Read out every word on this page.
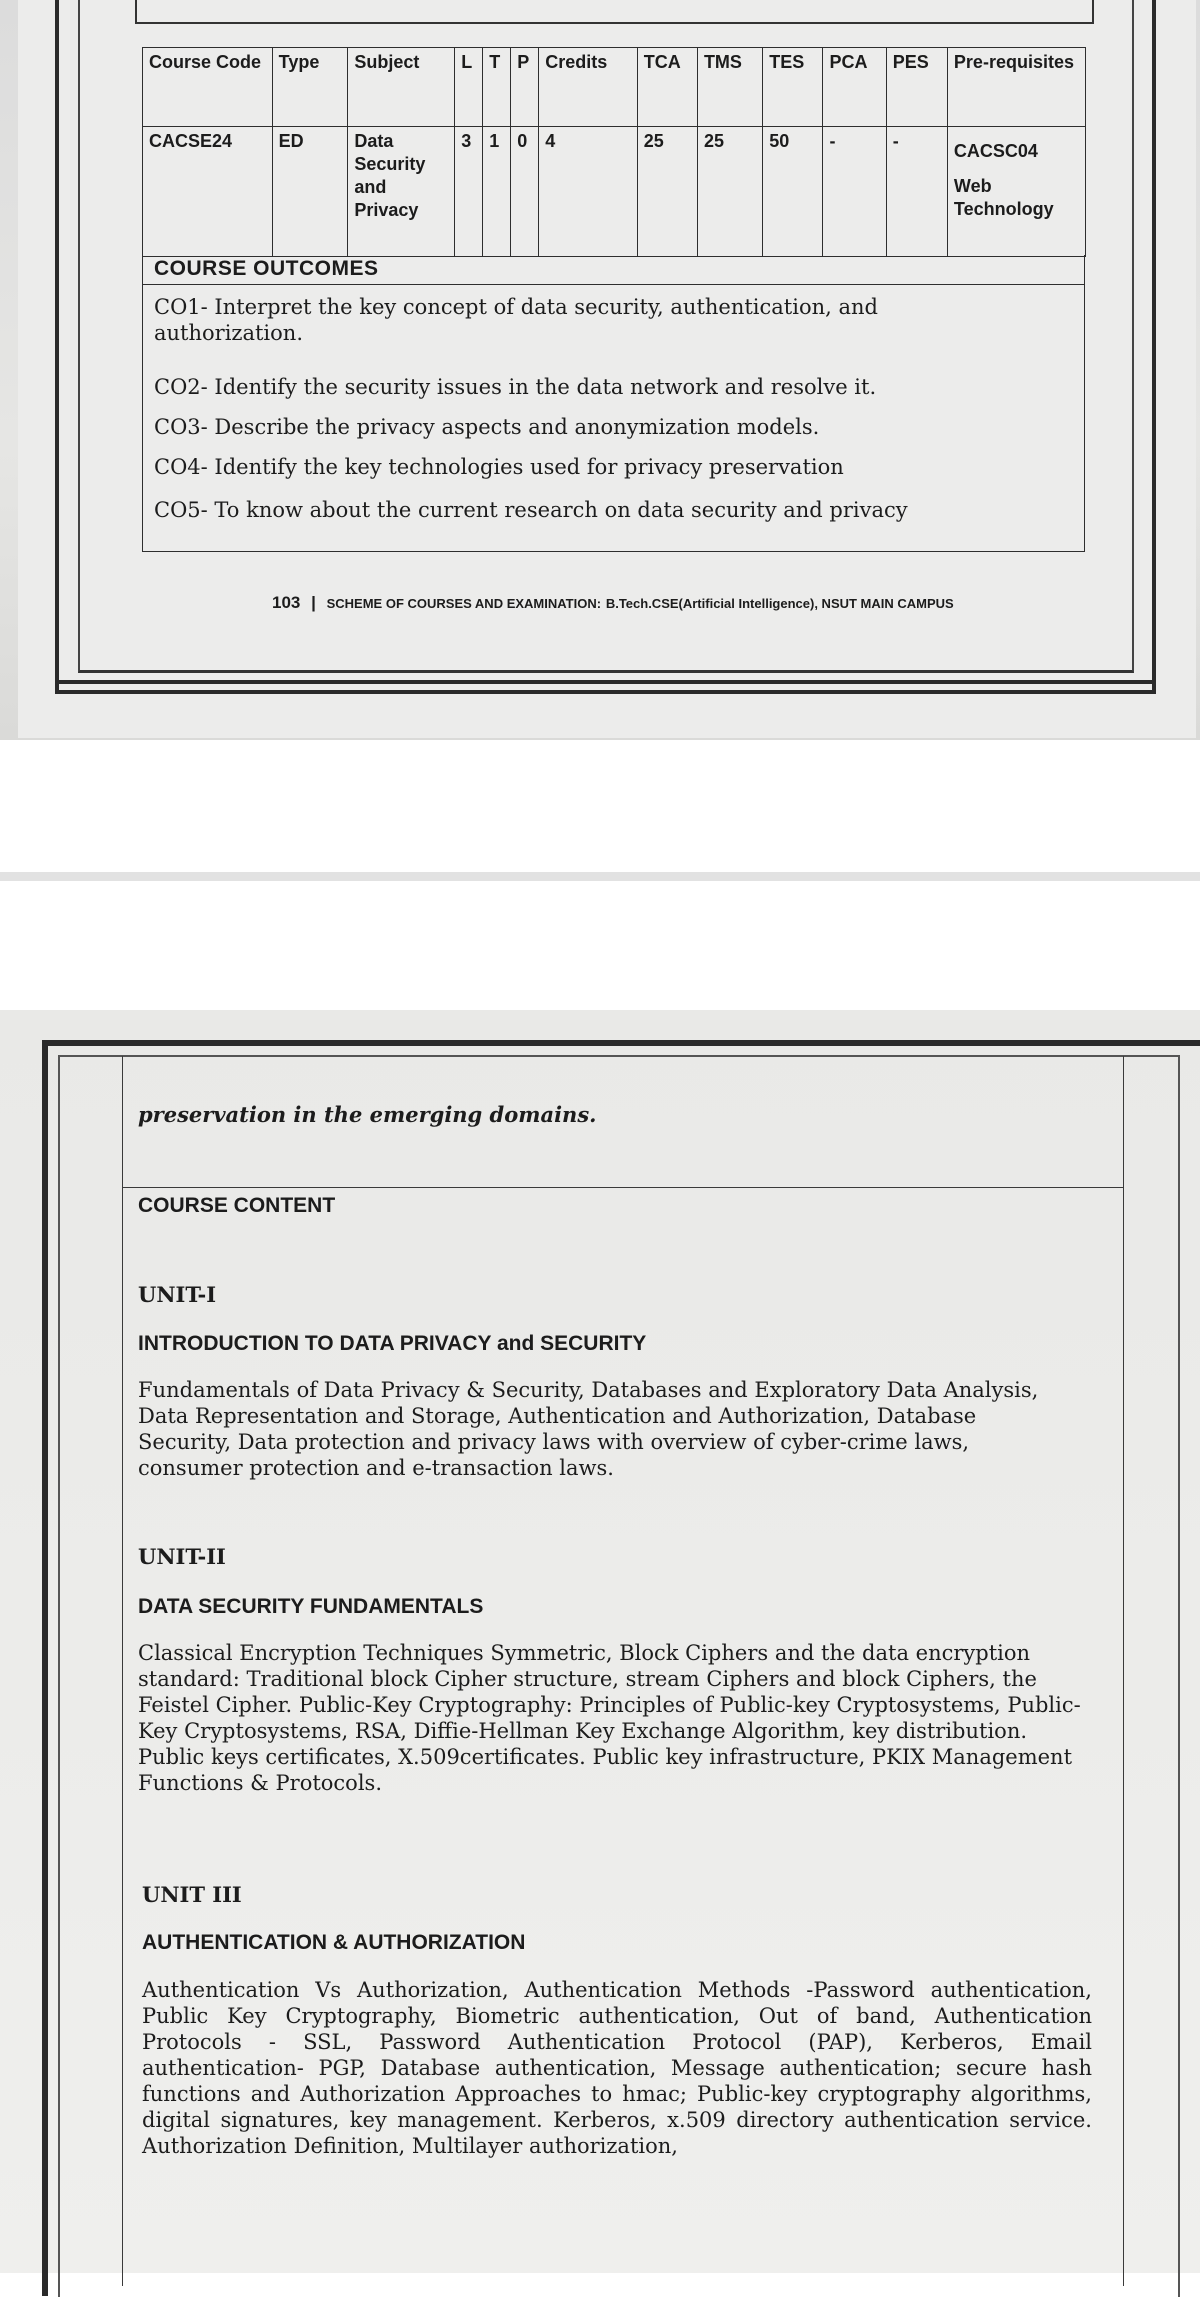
Course Code	Type	Subject	L	T	P	Credits	TCA	TMS	TES	PCA	PES	Pre-requisites
CACSE24	ED	Data Security and Privacy	3	1	0	4	25	25	50	-	-	CACSC04
Web Technology
COURSE OUTCOMES
CO1- Interpret the key concept of data security, authentication, and authorization.
CO2- Identify the security issues in the data network and resolve it.
CO3- Describe the privacy aspects and anonymization models.
CO4- Identify the key technologies used for privacy preservation
CO5- To know about the current research on data security and privacy
103 | SCHEME OF COURSES AND EXAMINATION: B.Tech.CSE(Artificial Intelligence), NSUT MAIN CAMPUS
preservation in the emerging domains.
COURSE CONTENT
UNIT-I
INTRODUCTION TO DATA PRIVACY and SECURITY
Fundamentals of Data Privacy & Security, Databases and Exploratory Data Analysis, Data Representation and Storage, Authentication and Authorization, Database Security, Data protection and privacy laws with overview of cyber-crime laws, consumer protection and e-transaction laws.
UNIT-II
DATA SECURITY FUNDAMENTALS
Classical Encryption Techniques Symmetric, Block Ciphers and the data encryption standard: Traditional block Cipher structure, stream Ciphers and block Ciphers, the Feistel Cipher. Public-Key Cryptography: Principles of Public-key Cryptosystems, Public-Key Cryptosystems, RSA, Diffie-Hellman Key Exchange Algorithm, key distribution. Public keys certificates, X.509certificates. Public key infrastructure, PKIX Management Functions & Protocols.
UNIT III
AUTHENTICATION & AUTHORIZATION
Authentication Vs Authorization, Authentication Methods -Password authentication, Public Key Cryptography, Biometric authentication, Out of band, Authentication Protocols - SSL, Password Authentication Protocol (PAP), Kerberos, Email authentication- PGP, Database authentication, Message authentication; secure hash functions and Authorization Approaches to hmac; Public-key cryptography algorithms, digital signatures, key management. Kerberos, x.509 directory authentication service. Authorization Definition, Multilayer authorization,
